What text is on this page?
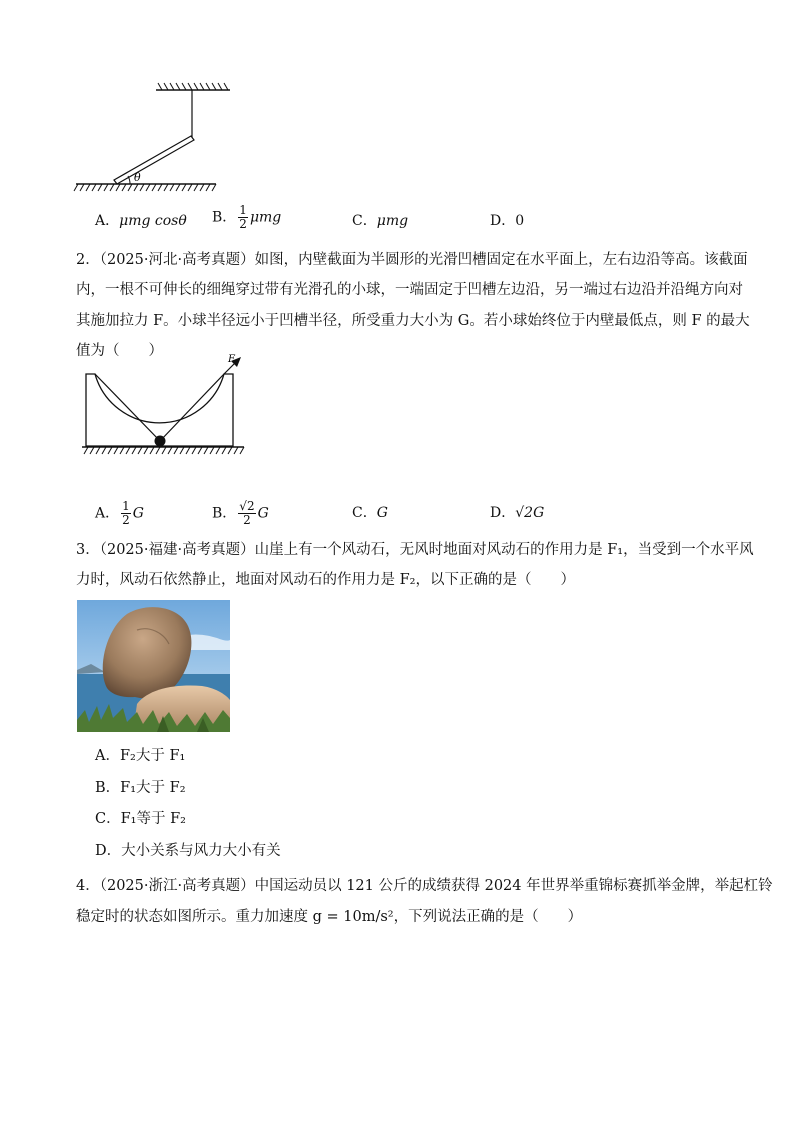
θ
A．μmg cosθ B． $\frac{1}{2}$ μmg	C．μmg	D．0
2．（2025·河北·高考真题）如图，内壁截面为半圆形的光滑凹槽固定在水平面上，左右边沿等高。该截面
内，一根不可伸长的细绳穿过带有光滑孔的小球，一端固定于凹槽左边沿，另一端过右边沿并沿绳方向对
其施加拉力 F。小球半径远小于凹槽半径，所受重力大小为 G。若小球始终位于内壁最低点，则 F 的最大
值为（　　）
F
A． $\frac{1}{2}$ G	B． $\frac{√2}{2}$ G	C．G	D．√2G
3．（2025·福建·高考真题）山崖上有一个风动石，无风时地面对风动石的作用力是 F₁，当受到一个水平风
力时，风动石依然静止，地面对风动石的作用力是 F₂，以下正确的是（　　）
A．F₂大于 F₁
B．F₁大于 F₂
C．F₁等于 F₂
D．大小关系与风力大小有关
4．（2025·浙江·高考真题）中国运动员以 121 公斤的成绩获得 2024 年世界举重锦标赛抓举金牌，举起杠铃
稳定时的状态如图所示。重力加速度 g = 10m/s²，下列说法正确的是（　　）
